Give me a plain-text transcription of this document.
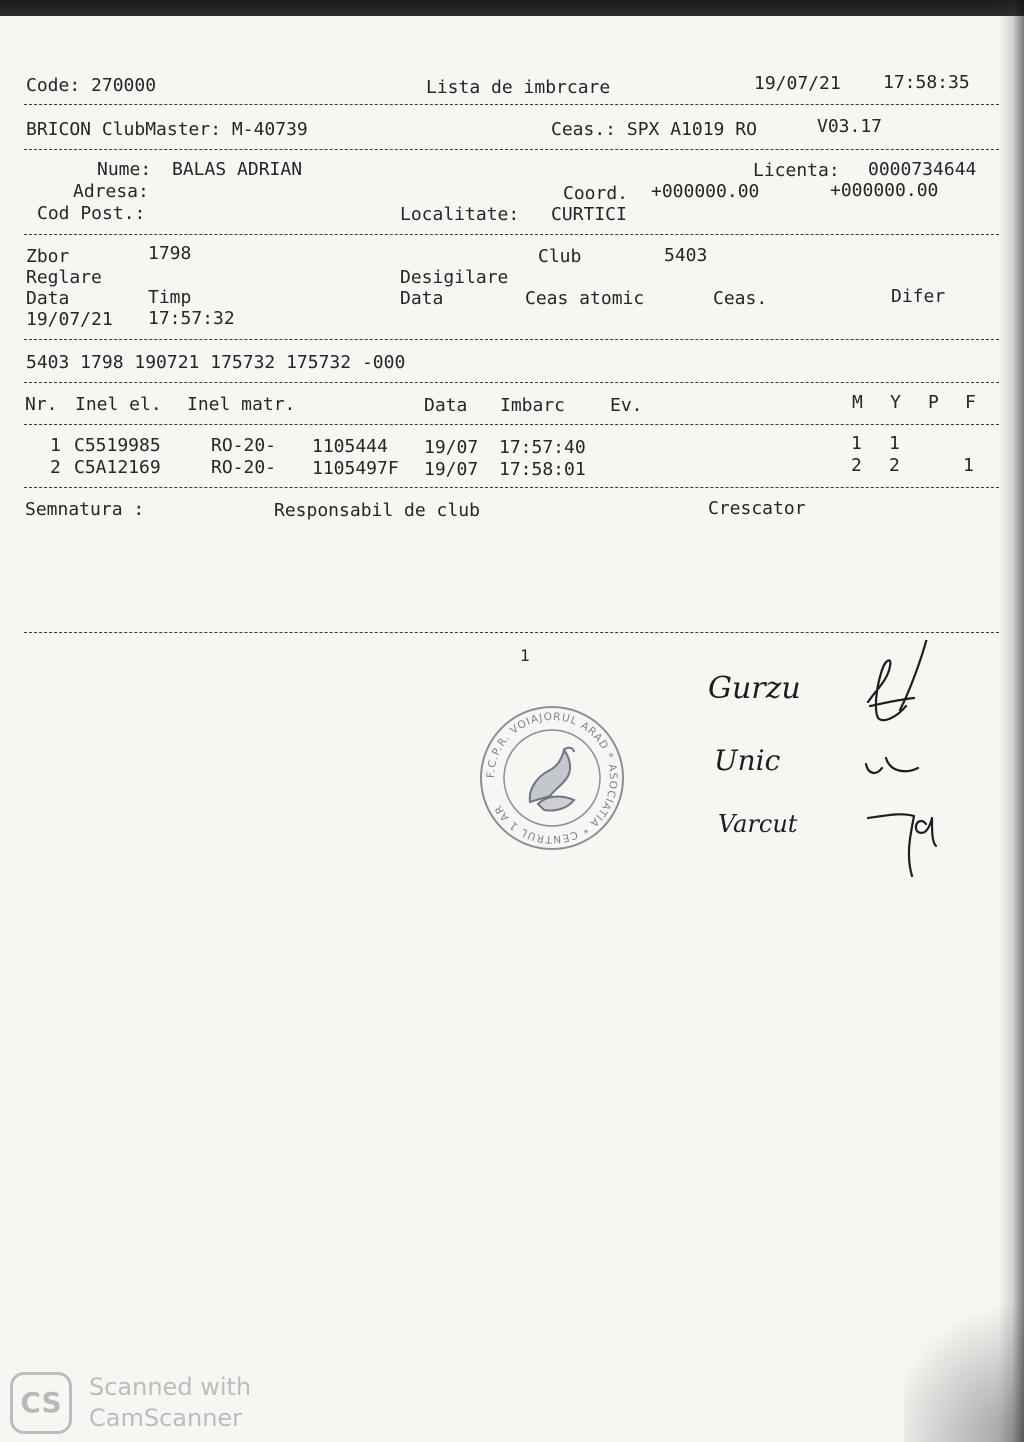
Code: 270000	Lista de imbrcare	19/07/21 17:58:35
BRICON ClubMaster: M-40739	Ceas.: SPX A1019 RO	V03.17
Nume: BALAS ADRIAN	Licenta: 0000734644
Adresa:	Coord. +000000.00	+000000.00
Cod Post.:	Localitate: CURTICI
Zbor	1798	Club	5403
Reglare	Desigilare
Data	Timp	Data	Ceas atomic	Ceas.	Difer
19/07/21 17:57:32
5403 1798 190721 175732 175732 -000
Nr. Inel el. Inel matr.	Data Imbarc Ev.	M Y P F
1 C5519985	RO-20- 1105444 19/07 17:57:40	1 1
2 C5A12169	RO-20- 1105497F 19/07 17:58:01	2 2	1
Semnatura :	Responsabil de club	Crescator
1
F.C.P.R. VOIAJORUL ARAD * ASOCIATIA * CENTRUL 1 AR
Gurzu
Unic
Varcut
CS	Scanned with
CamScanner
